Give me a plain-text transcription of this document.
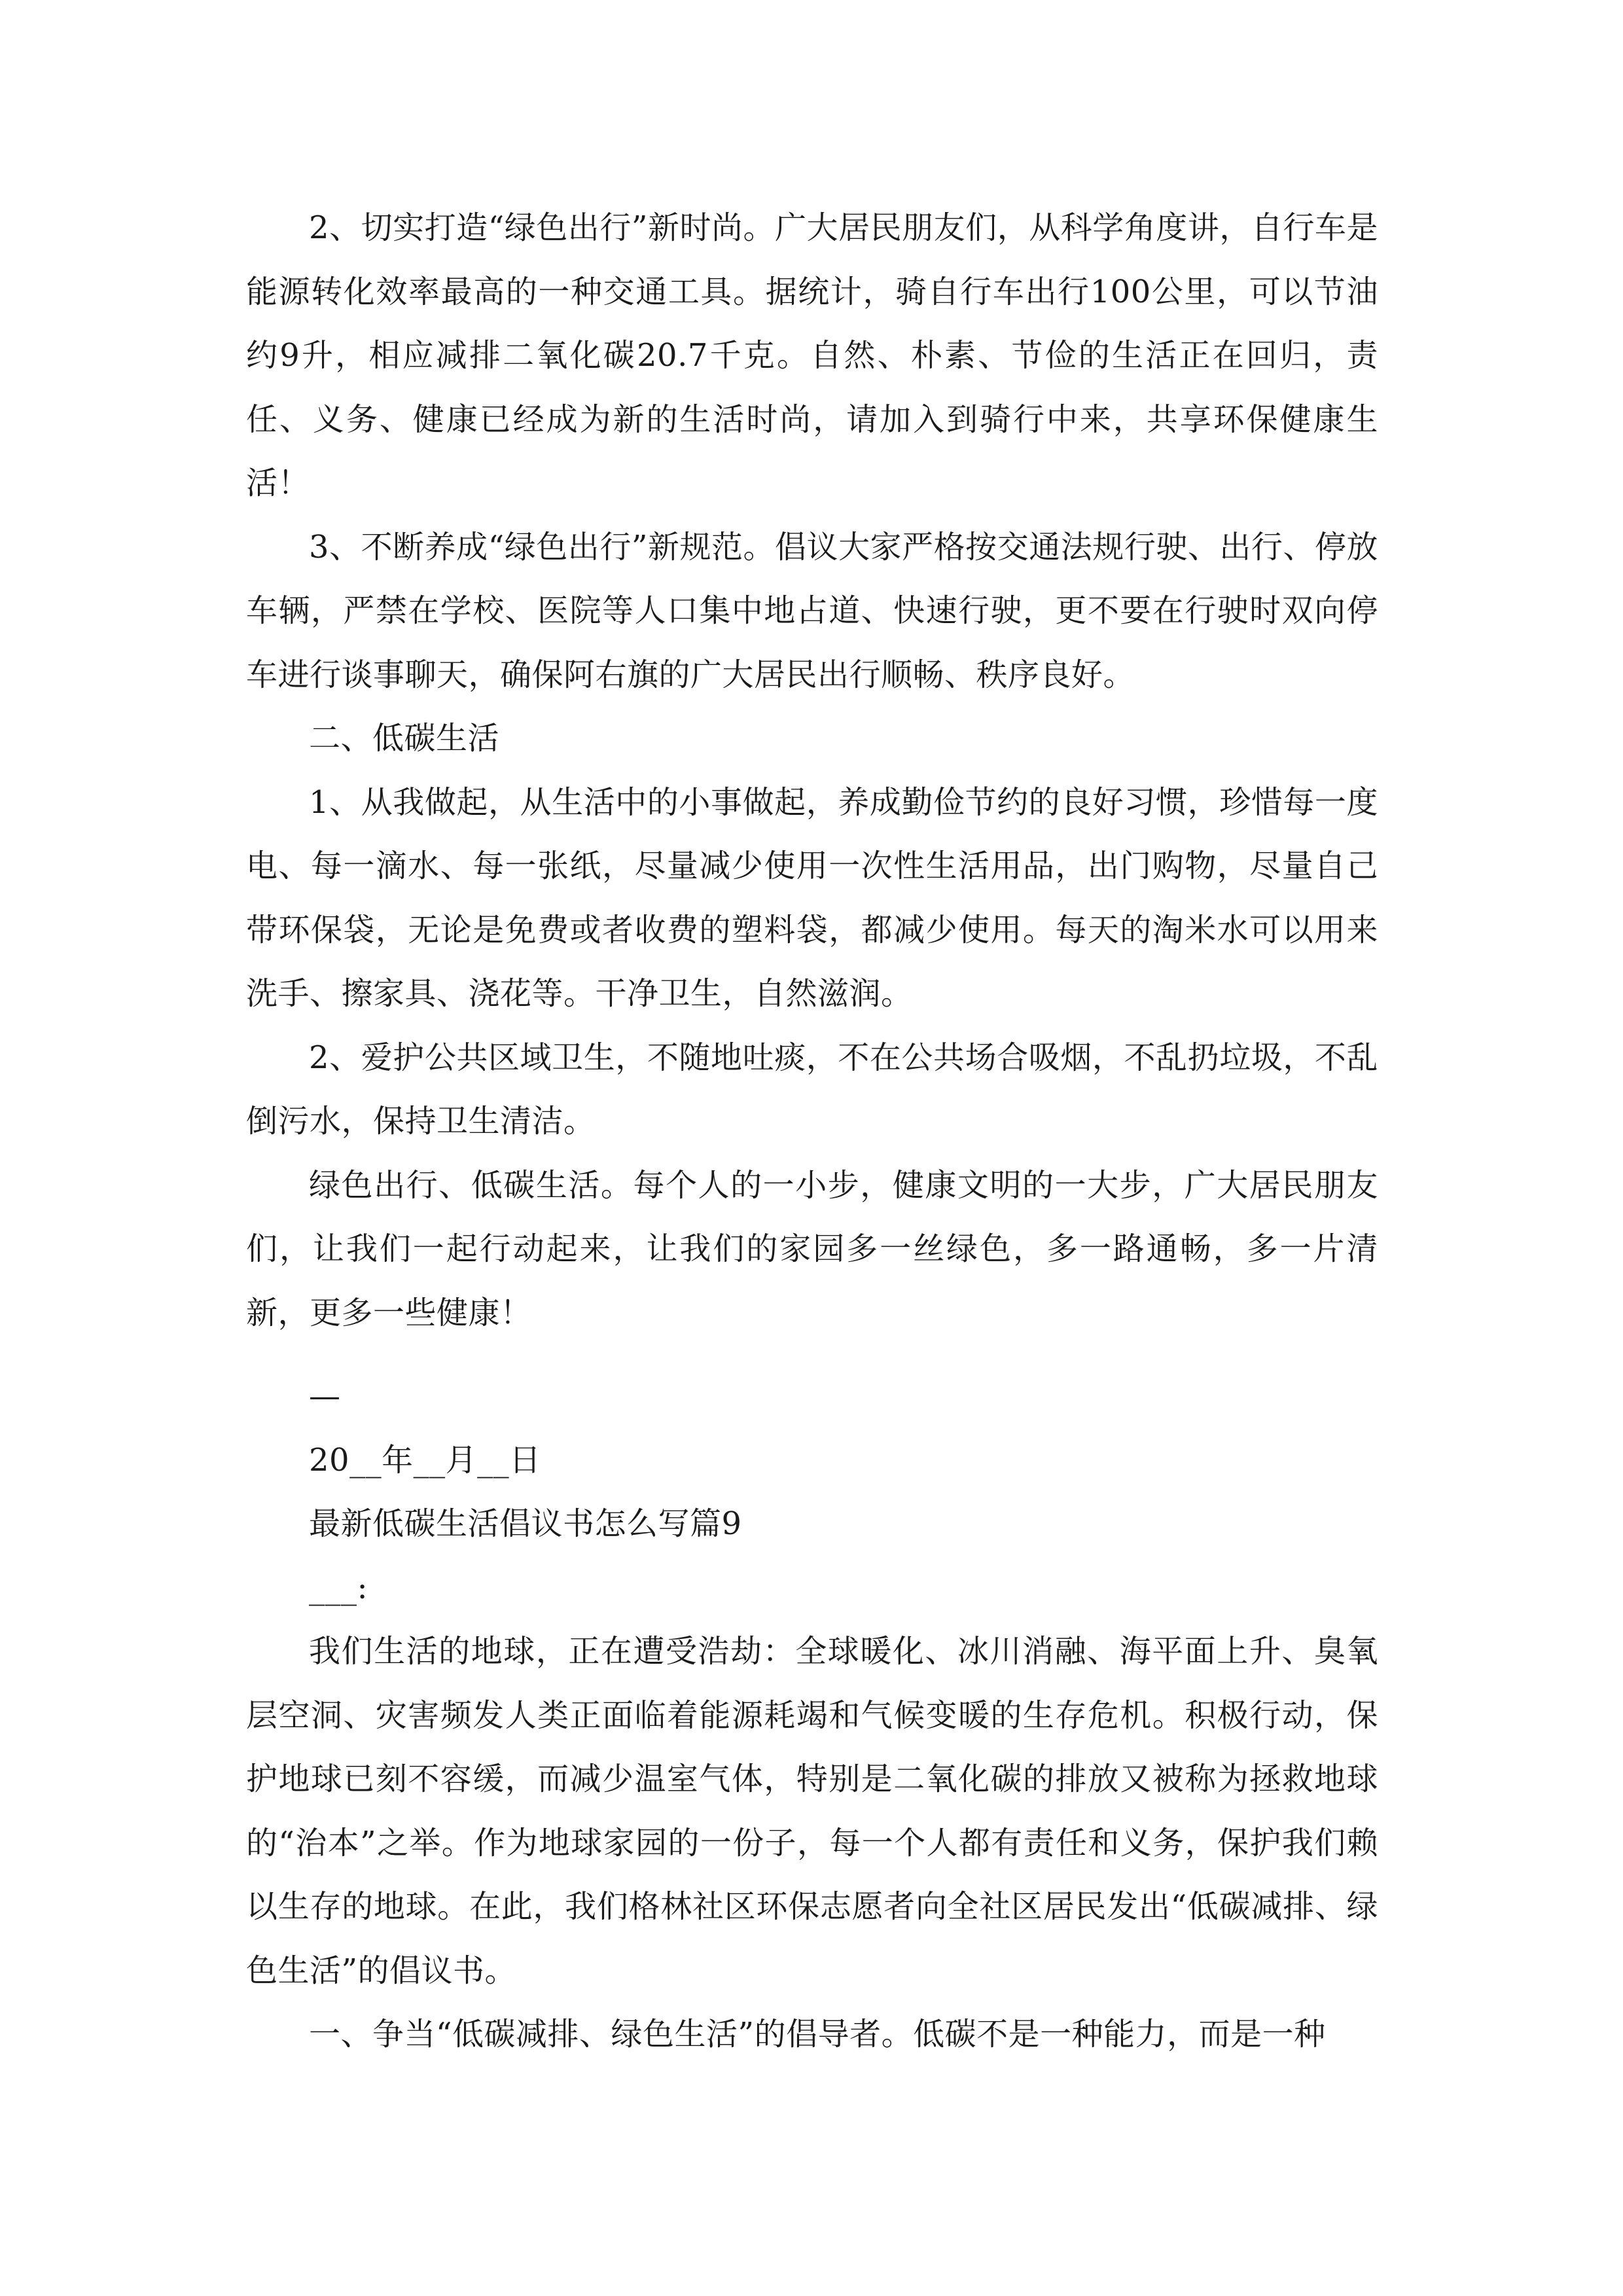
2、切实打造“绿色出行”新时尚。广大居民朋友们，从科学角度讲，自行车是能源转化效率最高的一种交通工具。据统计，骑自行车出行100公里，可以节油约9升，相应减排二氧化碳20.7千克。自然、朴素、节俭的生活正在回归，责任、义务、健康已经成为新的生活时尚，请加入到骑行中来，共享环保健康生活！

3、不断养成“绿色出行”新规范。倡议大家严格按交通法规行驶、出行、停放车辆，严禁在学校、医院等人口集中地占道、快速行驶，更不要在行驶时双向停车进行谈事聊天，确保阿右旗的广大居民出行顺畅、秩序良好。

二、低碳生活

1、从我做起，从生活中的小事做起，养成勤俭节约的良好习惯，珍惜每一度电、每一滴水、每一张纸，尽量减少使用一次性生活用品，出门购物，尽量自己带环保袋，无论是免费或者收费的塑料袋，都减少使用。每天的淘米水可以用来洗手、擦家具、浇花等。干净卫生，自然滋润。

2、爱护公共区域卫生，不随地吐痰，不在公共场合吸烟，不乱扔垃圾，不乱倒污水，保持卫生清洁。

绿色出行、低碳生活。每个人的一小步，健康文明的一大步，广大居民朋友们，让我们一起行动起来，让我们的家园多一丝绿色，多一路通畅，多一片清新，更多一些健康！

—

20__年__月__日

最新低碳生活倡议书怎么写篇9

___:

我们生活的地球，正在遭受浩劫：全球暖化、冰川消融、海平面上升、臭氧层空洞、灾害频发人类正面临着能源耗竭和气候变暖的生存危机。积极行动，保护地球已刻不容缓，而减少温室气体，特别是二氧化碳的排放又被称为拯救地球的“治本”之举。作为地球家园的一份子，每一个人都有责任和义务，保护我们赖以生存的地球。在此，我们格林社区环保志愿者向全社区居民发出“低碳减排、绿色生活”的倡议书。

一、争当“低碳减排、绿色生活”的倡导者。低碳不是一种能力，而是一种
